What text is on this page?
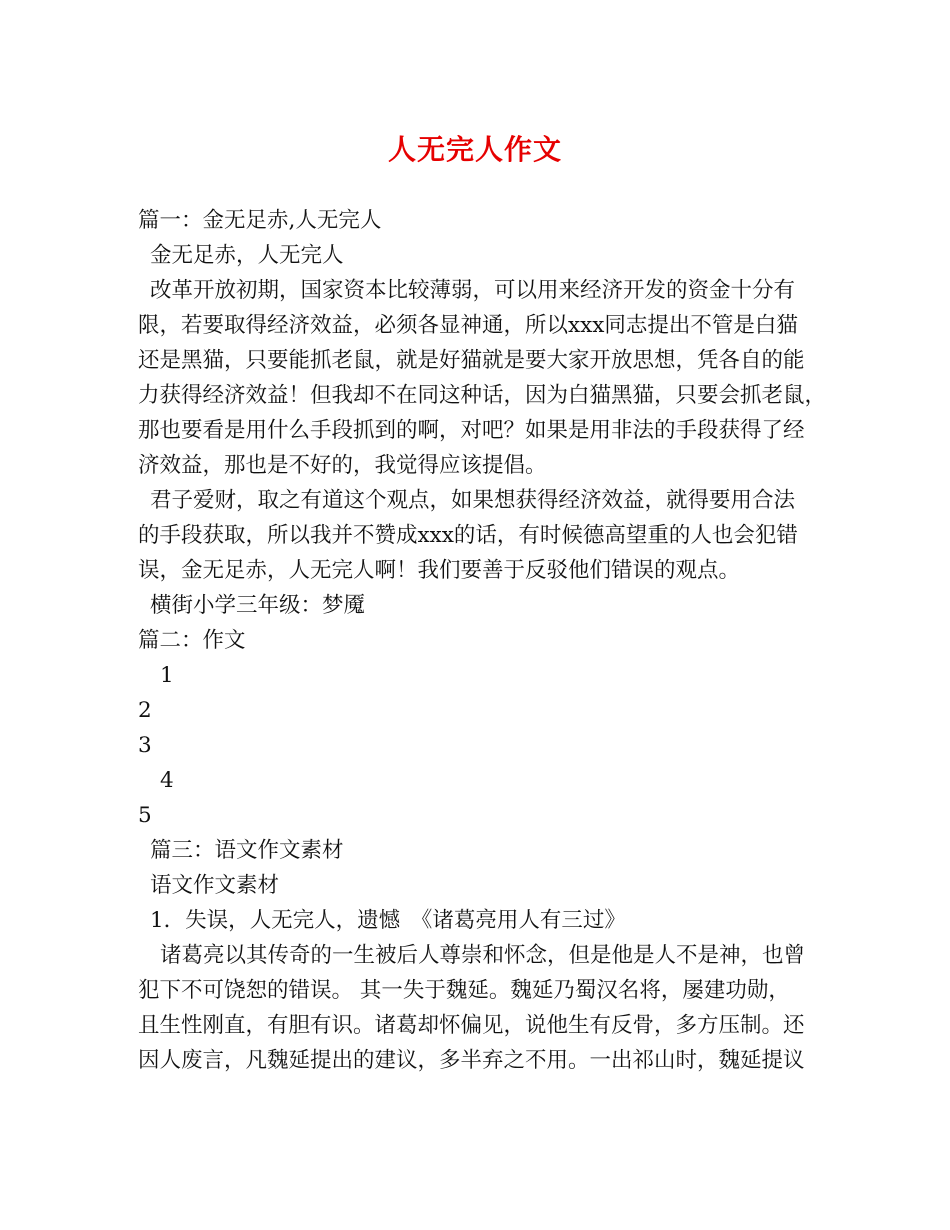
人无完人作文
篇一：金无足赤,人无完人
金无足赤，人无完人
改革开放初期，国家资本比较薄弱，可以用来经济开发的资金十分有
限，若要取得经济效益，必须各显神通，所以xxx同志提出不管是白猫
还是黑猫，只要能抓老鼠，就是好猫就是要大家开放思想，凭各自的能
力获得经济效益！但我却不在同这种话，因为白猫黑猫，只要会抓老鼠，
那也要看是用什么手段抓到的啊，对吧？如果是用非法的手段获得了经
济效益，那也是不好的，我觉得应该提倡。
君子爱财，取之有道这个观点，如果想获得经济效益，就得要用合法
的手段获取，所以我并不赞成xxx的话，有时候德高望重的人也会犯错
误，金无足赤，人无完人啊！我们要善于反驳他们错误的观点。
横街小学三年级：梦魇
篇二：作文
1
2
3
4
5
篇三：语文作文素材
语文作文素材
1．失误，人无完人，遗憾　《诸葛亮用人有三过》
诸葛亮以其传奇的一生被后人尊崇和怀念，但是他是人不是神，也曾
犯下不可饶恕的错误。 其一失于魏延。魏延乃蜀汉名将，屡建功勋，
且生性刚直，有胆有识。诸葛却怀偏见，说他生有反骨，多方压制。还
因人废言，凡魏延提出的建议，多半弃之不用。一出祁山时，魏延提议
